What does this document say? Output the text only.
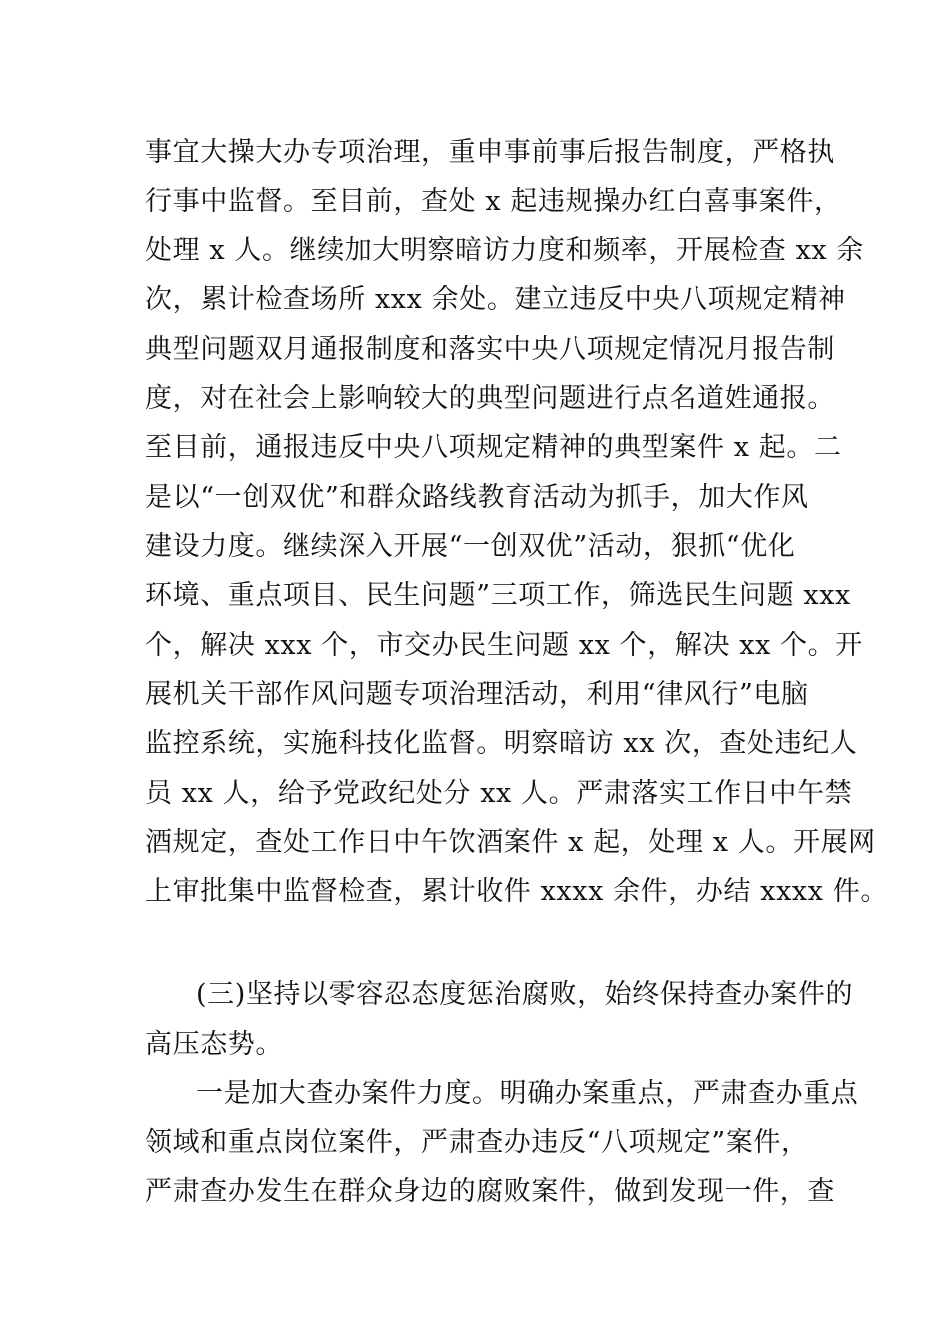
事宜大操大办专项治理，重申事前事后报告制度，严格执
行事中监督。至目前，查处 x 起违规操办红白喜事案件，
处理 x 人。继续加大明察暗访力度和频率，开展检查 xx 余
次，累计检查场所 xxx 余处。建立违反中央八项规定精神
典型问题双月通报制度和落实中央八项规定情况月报告制
度，对在社会上影响较大的典型问题进行点名道姓通报。
至目前，通报违反中央八项规定精神的典型案件 x 起。二
是以“一创双优”和群众路线教育活动为抓手，加大作风
建设力度。继续深入开展“一创双优”活动，狠抓“优化
环境、重点项目、民生问题”三项工作，筛选民生问题 xxx
个，解决 xxx 个，市交办民生问题 xx 个，解决 xx 个。开
展机关干部作风问题专项治理活动，利用“律风行”电脑
监控系统，实施科技化监督。明察暗访 xx 次，查处违纪人
员 xx 人，给予党政纪处分 xx 人。严肃落实工作日中午禁
酒规定，查处工作日中午饮酒案件 x 起，处理 x 人。开展网
上审批集中监督检查，累计收件 xxxx 余件，办结 xxxx 件。
(三)坚持以零容忍态度惩治腐败，始终保持查办案件的
高压态势。
一是加大查办案件力度。明确办案重点，严肃查办重点
领域和重点岗位案件，严肃查办违反“八项规定”案件，
严肃查办发生在群众身边的腐败案件，做到发现一件，查
